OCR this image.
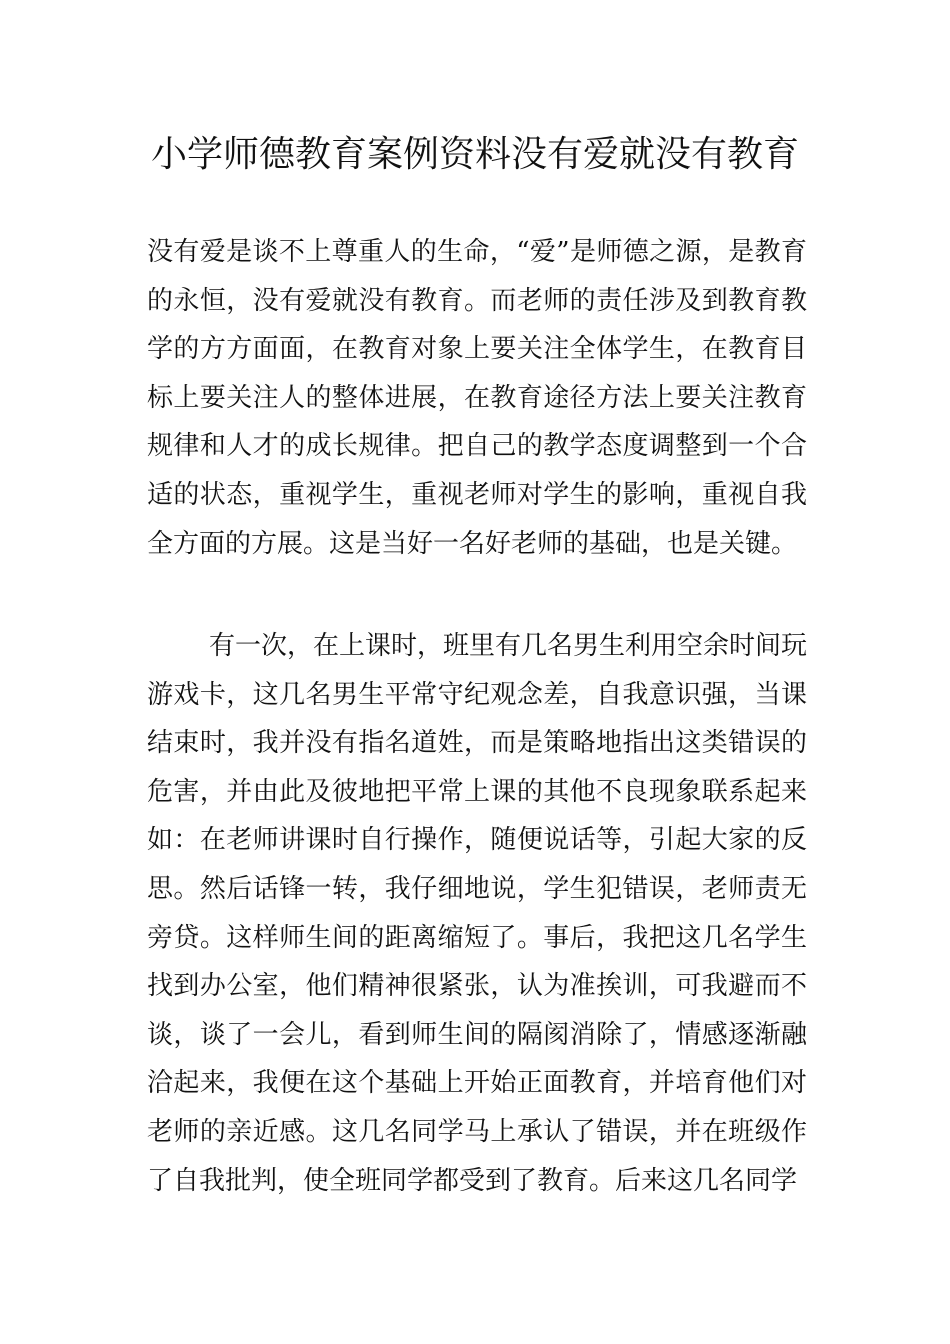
小学师德教育案例资料没有爱就没有教育

没有爱是谈不上尊重人的生命，“爱”是师德之源，是教育的永恒，没有爱就没有教育。而老师的责任涉及到教育教学的方方面面，在教育对象上要关注全体学生，在教育目标上要关注人的整体进展，在教育途径方法上要关注教育规律和人才的成长规律。把自己的教学态度调整到一个合适的状态，重视学生，重视老师对学生的影响，重视自我全方面的方展。这是当好一名好老师的基础，也是关键。

有一次，在上课时，班里有几名男生利用空余时间玩游戏卡，这几名男生平常守纪观念差，自我意识强，当课结束时，我并没有指名道姓，而是策略地指出这类错误的危害，并由此及彼地把平常上课的其他不良现象联系起来如：在老师讲课时自行操作，随便说话等，引起大家的反思。然后话锋一转，我仔细地说，学生犯错误，老师责无旁贷。这样师生间的距离缩短了。事后，我把这几名学生找到办公室，他们精神很紧张，认为准挨训，可我避而不谈，谈了一会儿，看到师生间的隔阂消除了，情感逐渐融洽起来，我便在这个基础上开始正面教育，并培育他们对老师的亲近感。这几名同学马上承认了错误，并在班级作了自我批判，使全班同学都受到了教育。后来这几名同学
